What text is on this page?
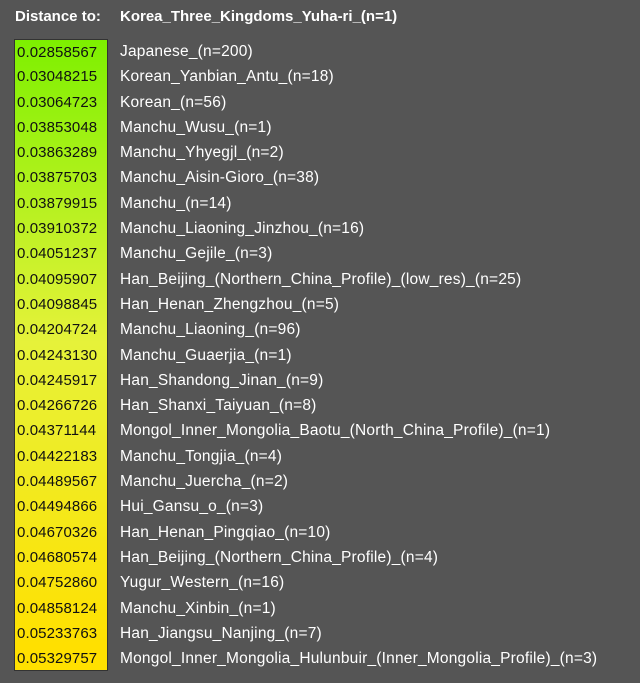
Distance to: Korea_Three_Kingdoms_Yuha-ri_(n=1)
0.02858567	Japanese_(n=200)
0.03048215	Korean_Yanbian_Antu_(n=18)
0.03064723	Korean_(n=56)
0.03853048	Manchu_Wusu_(n=1)
0.03863289	Manchu_Yhyegjl_(n=2)
0.03875703	Manchu_Aisin-Gioro_(n=38)
0.03879915	Manchu_(n=14)
0.03910372	Manchu_Liaoning_Jinzhou_(n=16)
0.04051237	Manchu_Gejile_(n=3)
0.04095907	Han_Beijing_(Northern_China_Profile)_(low_res)_(n=25)
0.04098845	Han_Henan_Zhengzhou_(n=5)
0.04204724	Manchu_Liaoning_(n=96)
0.04243130	Manchu_Guaerjia_(n=1)
0.04245917	Han_Shandong_Jinan_(n=9)
0.04266726	Han_Shanxi_Taiyuan_(n=8)
0.04371144	Mongol_Inner_Mongolia_Baotu_(North_China_Profile)_(n=1)
0.04422183	Manchu_Tongjia_(n=4)
0.04489567	Manchu_Juercha_(n=2)
0.04494866	Hui_Gansu_o_(n=3)
0.04670326	Han_Henan_Pingqiao_(n=10)
0.04680574	Han_Beijing_(Northern_China_Profile)_(n=4)
0.04752860	Yugur_Western_(n=16)
0.04858124	Manchu_Xinbin_(n=1)
0.05233763	Han_Jiangsu_Nanjing_(n=7)
0.05329757	Mongol_Inner_Mongolia_Hulunbuir_(Inner_Mongolia_Profile)_(n=3)
